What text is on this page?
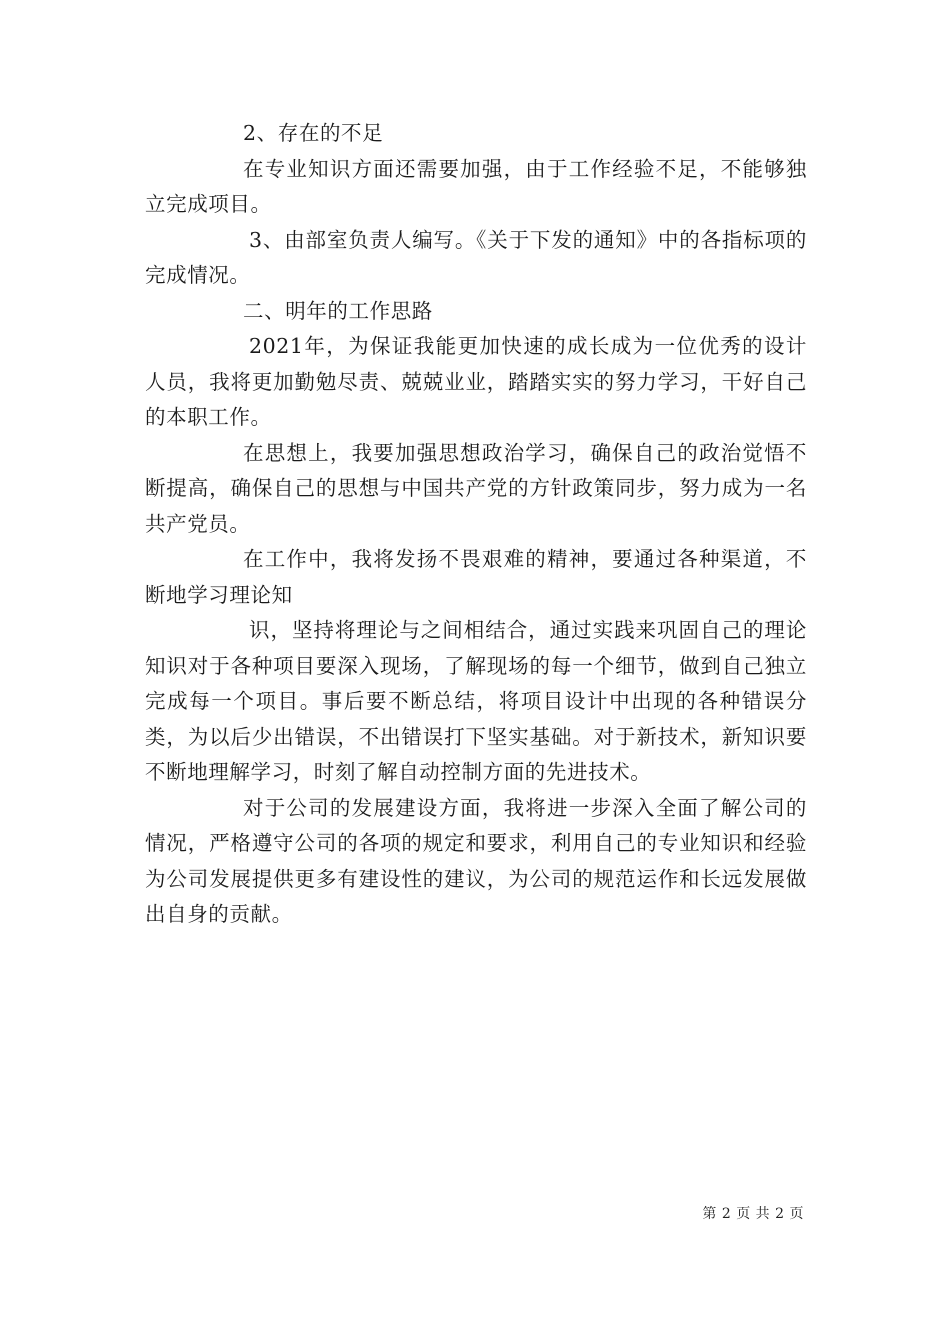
2、存在的不足

在专业知识方面还需要加强，由于工作经验不足，不能够独立完成项目。

3、由部室负责人编写。《关于下发的通知》中的各指标项的完成情况。

二、明年的工作思路

2021年，为保证我能更加快速的成长成为一位优秀的设计人员，我将更加勤勉尽责、兢兢业业，踏踏实实的努力学习，干好自己的本职工作。

在思想上，我要加强思想政治学习，确保自己的政治觉悟不断提高，确保自己的思想与中国共产党的方针政策同步，努力成为一名共产党员。

在工作中，我将发扬不畏艰难的精神，要通过各种渠道，不断地学习理论知

识，坚持将理论与之间相结合，通过实践来巩固自己的理论知识对于各种项目要深入现场，了解现场的每一个细节，做到自己独立完成每一个项目。事后要不断总结，将项目设计中出现的各种错误分类，为以后少出错误，不出错误打下坚实基础。对于新技术，新知识要不断地理解学习，时刻了解自动控制方面的先进技术。

对于公司的发展建设方面，我将进一步深入全面了解公司的情况，严格遵守公司的各项的规定和要求，利用自己的专业知识和经验为公司发展提供更多有建设性的建议，为公司的规范运作和长远发展做出自身的贡献。

第 2 页 共 2 页
